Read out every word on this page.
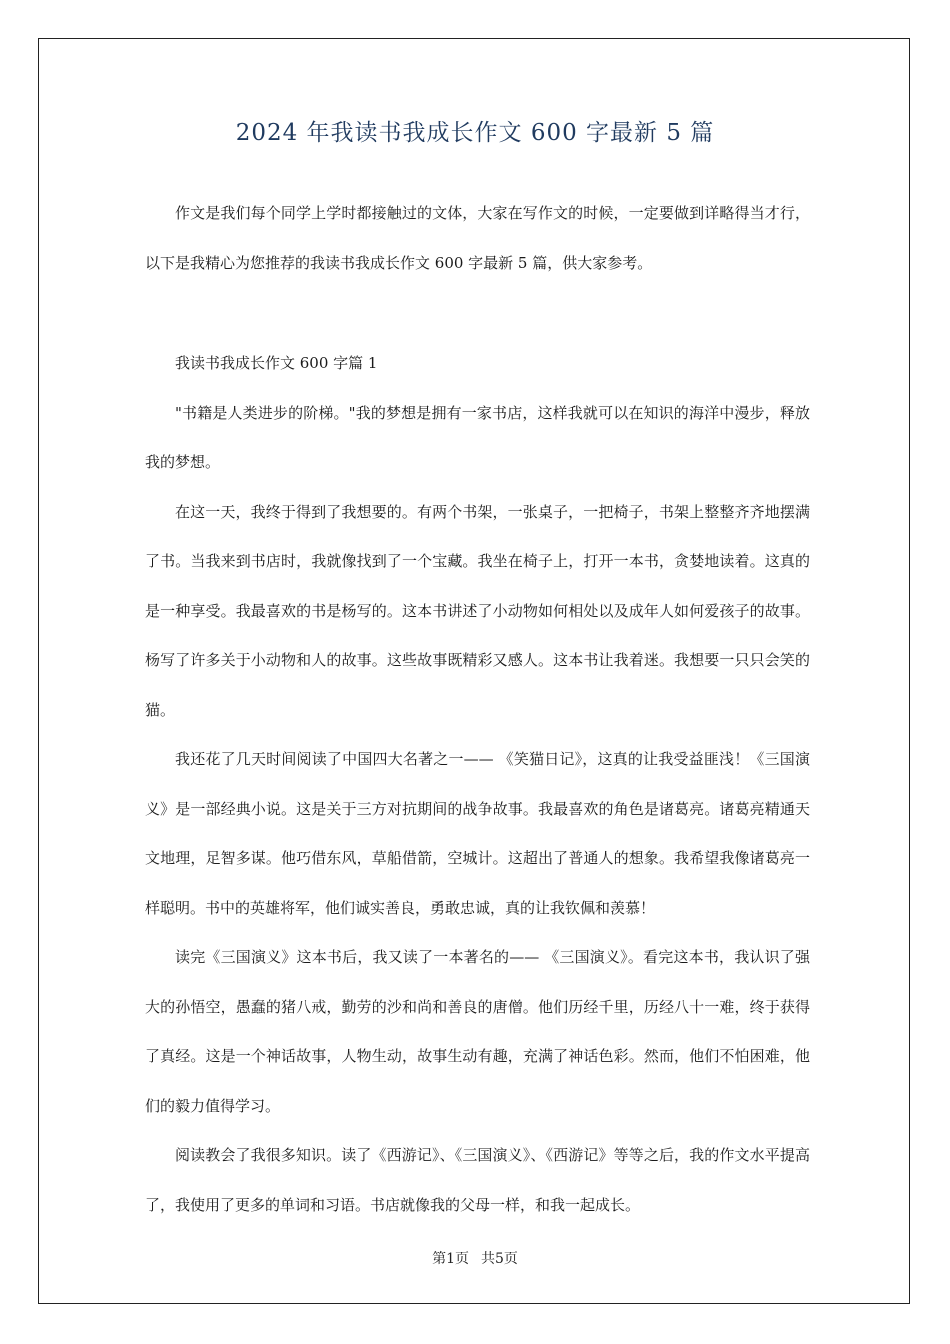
2024 年我读书我成长作文 600 字最新 5 篇

作文是我们每个同学上学时都接触过的文体，大家在写作文的时候，一定要做到详略得当才行，以下是我精心为您推荐的我读书我成长作文 600 字最新 5 篇，供大家参考。

我读书我成长作文 600 字篇 1

"书籍是人类进步的阶梯。"我的梦想是拥有一家书店，这样我就可以在知识的海洋中漫步，释放我的梦想。

在这一天，我终于得到了我想要的。有两个书架，一张桌子，一把椅子，书架上整整齐齐地摆满了书。当我来到书店时，我就像找到了一个宝藏。我坐在椅子上，打开一本书，贪婪地读着。这真的是一种享受。我最喜欢的书是杨写的。这本书讲述了小动物如何相处以及成年人如何爱孩子的故事。杨写了许多关于小动物和人的故事。这些故事既精彩又感人。这本书让我着迷。我想要一只只会笑的猫。

我还花了几天时间阅读了中国四大名著之一—— 《笑猫日记》，这真的让我受益匪浅！《三国演义》是一部经典小说。这是关于三方对抗期间的战争故事。我最喜欢的角色是诸葛亮。诸葛亮精通天文地理，足智多谋。他巧借东风，草船借箭，空城计。这超出了普通人的想象。我希望我像诸葛亮一样聪明。书中的英雄将军，他们诚实善良，勇敢忠诚，真的让我钦佩和羡慕！

读完《三国演义》这本书后，我又读了一本著名的—— 《三国演义》。看完这本书，我认识了强大的孙悟空，愚蠢的猪八戒，勤劳的沙和尚和善良的唐僧。他们历经千里，历经八十一难，终于获得了真经。这是一个神话故事，人物生动，故事生动有趣，充满了神话色彩。然而，他们不怕困难，他们的毅力值得学习。

阅读教会了我很多知识。读了《西游记》、《三国演义》、《西游记》等等之后，我的作文水平提高了，我使用了更多的单词和习语。书店就像我的父母一样，和我一起成长。

第1页 共5页
